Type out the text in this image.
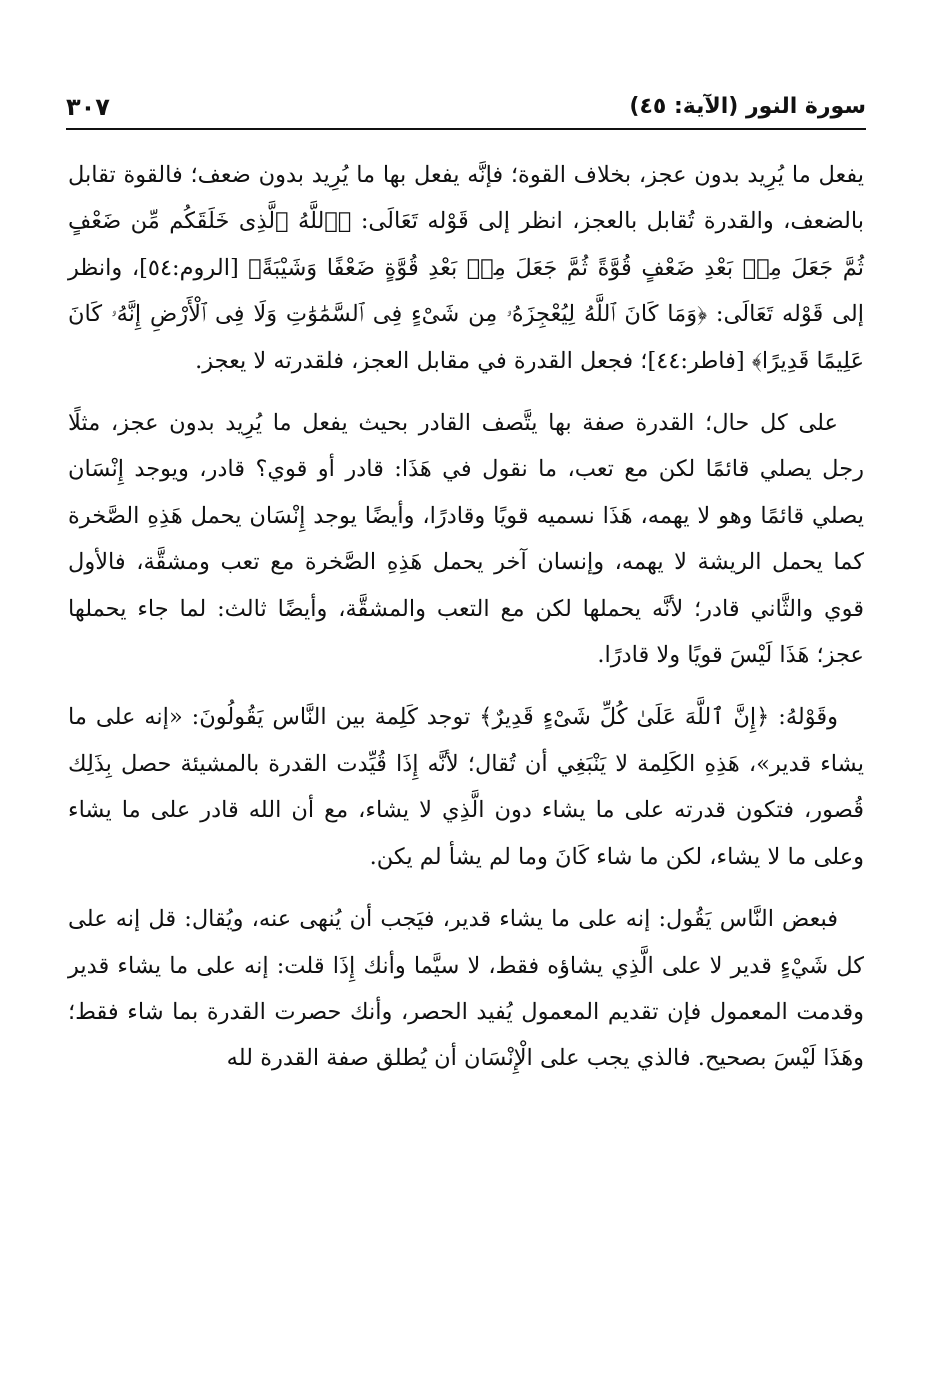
سورة النور (الآية: ٤٥)
٣٠٧

يفعل ما يُرِيد بدون عجز، بخلاف القوة؛ فإنَّه يفعل بها ما يُرِيد بدون ضعف؛ فالقوة تقابل بالضعف، والقدرة تُقابل بالعجز، انظر إلى قَوْله تَعَالَى: ﴿ٱللَّهُ ٱلَّذِى خَلَقَكُم مِّن ضَعْفٍ ثُمَّ جَعَلَ مِنۢ بَعْدِ ضَعْفٍ قُوَّةً ثُمَّ جَعَلَ مِنۢ بَعْدِ قُوَّةٍ ضَعْفًا وَشَيْبَةً﴾ [الروم:٥٤]، وانظر إلى قَوْله تَعَالَى: ﴿وَمَا كَانَ ٱللَّهُ لِيُعْجِزَهُۥ مِن شَىْءٍ فِى ٱلسَّمَٰوَٰتِ وَلَا فِى ٱلْأَرْضِ إِنَّهُۥ كَانَ عَلِيمًا قَدِيرًا﴾ [فاطر:٤٤]؛ فجعل القدرة في مقابل العجز، فلقدرته لا يعجز.

على كل حال؛ القدرة صفة بها يتَّصف القادر بحيث يفعل ما يُرِيد بدون عجز، مثلًا رجل يصلي قائمًا لكن مع تعب، ما نقول في هَذَا: قادر أو قوي؟ قادر، ويوجد إِنْسَان يصلي قائمًا وهو لا يهمه، هَذَا نسميه قويًا وقادرًا، وأيضًا يوجد إِنْسَان يحمل هَذِهِ الصَّخرة كما يحمل الريشة لا يهمه، وإنسان آخر يحمل هَذِهِ الصَّخرة مع تعب ومشقَّة، فالأول قوي والثَّاني قادر؛ لأنَّه يحملها لكن مع التعب والمشقَّة، وأيضًا ثالث: لما جاء يحملها عجز؛ هَذَا لَيْسَ قويًا ولا قادرًا.

وقَوْلهُ: ﴿إِنَّ ٱللَّهَ عَلَىٰ كُلِّ شَىْءٍ قَدِيرٌ﴾ توجد كَلِمة بين النَّاس يَقُولُونَ: «إنه على ما يشاء قدير»، هَذِهِ الكَلِمة لا يَنْبَغِي أن تُقال؛ لأنَّه إِذَا قُيِّدت القدرة بالمشيئة حصل بِذَلِك قُصور، فتكون قدرته على ما يشاء دون الَّذِي لا يشاء، مع أن الله قادر على ما يشاء وعلى ما لا يشاء، لكن ما شاء كَانَ وما لم يشأ لم يكن.

فبعض النَّاس يَقُول: إنه على ما يشاء قدير، فيَجب أن يُنهى عنه، ويُقال: قل إنه على كل شَيْءٍ قدير لا على الَّذِي يشاؤه فقط، لا سيَّما وأنك إِذَا قلت: إنه على ما يشاء قدير وقدمت المعمول فإن تقديم المعمول يُفيد الحصر، وأنك حصرت القدرة بما شاء فقط؛ وهَذَا لَيْسَ بصحيح. فالذي يجب على الْإِنْسَان أن يُطلق صفة القدرة لله
